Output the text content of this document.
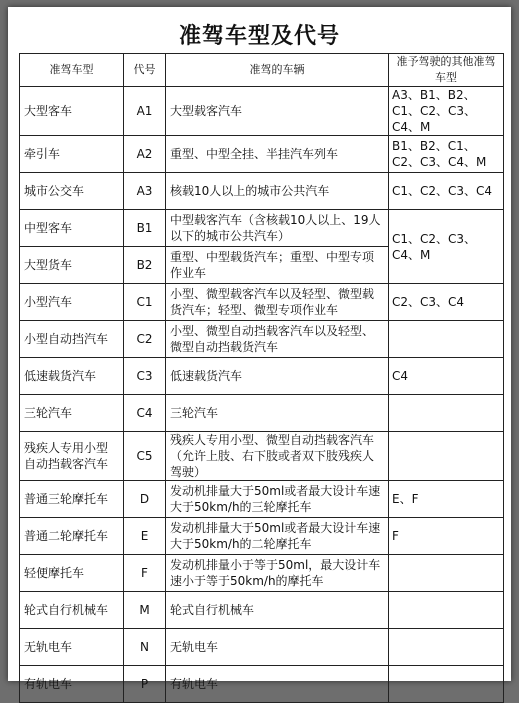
准驾车型及代号
准驾车型	代号	准驾的车辆	准予驾驶的其他准驾车型
大型客车	A1	大型载客汽车	A3、B1、B2、C1、C2、C3、C4、M
牵引车	A2	重型、中型全挂、半挂汽车列车	B1、B2、C1、C2、C3、C4、M
城市公交车	A3	核载10人以上的城市公共汽车	C1、C2、C3、C4
中型客车	B1	中型载客汽车（含核载10人以上、19人以下的城市公共汽车）	C1、C2、C3、C4、M
大型货车	B2	重型、中型载货汽车；重型、中型专项作业车	
小型汽车	C1	小型、微型载客汽车以及轻型、微型载货汽车；轻型、微型专项作业车	C2、C3、C4
小型自动挡汽车	C2	小型、微型自动挡载客汽车以及轻型、微型自动挡载货汽车	
低速载货汽车	C3	低速载货汽车	C4
三轮汽车	C4	三轮汽车	
残疾人专用小型自动挡载客汽车	C5	残疾人专用小型、微型自动挡载客汽车（允许上肢、右下肢或者双下肢残疾人驾驶）	
普通三轮摩托车	D	发动机排量大于50ml或者最大设计车速大于50km/h的三轮摩托车	E、F
普通二轮摩托车	E	发动机排量大于50ml或者最大设计车速大于50km/h的二轮摩托车	F
轻便摩托车	F	发动机排量小于等于50ml，最大设计车速小于等于50km/h的摩托车	
轮式自行机械车	M	轮式自行机械车	
无轨电车	N	无轨电车	
有轨电车	P	有轨电车	
